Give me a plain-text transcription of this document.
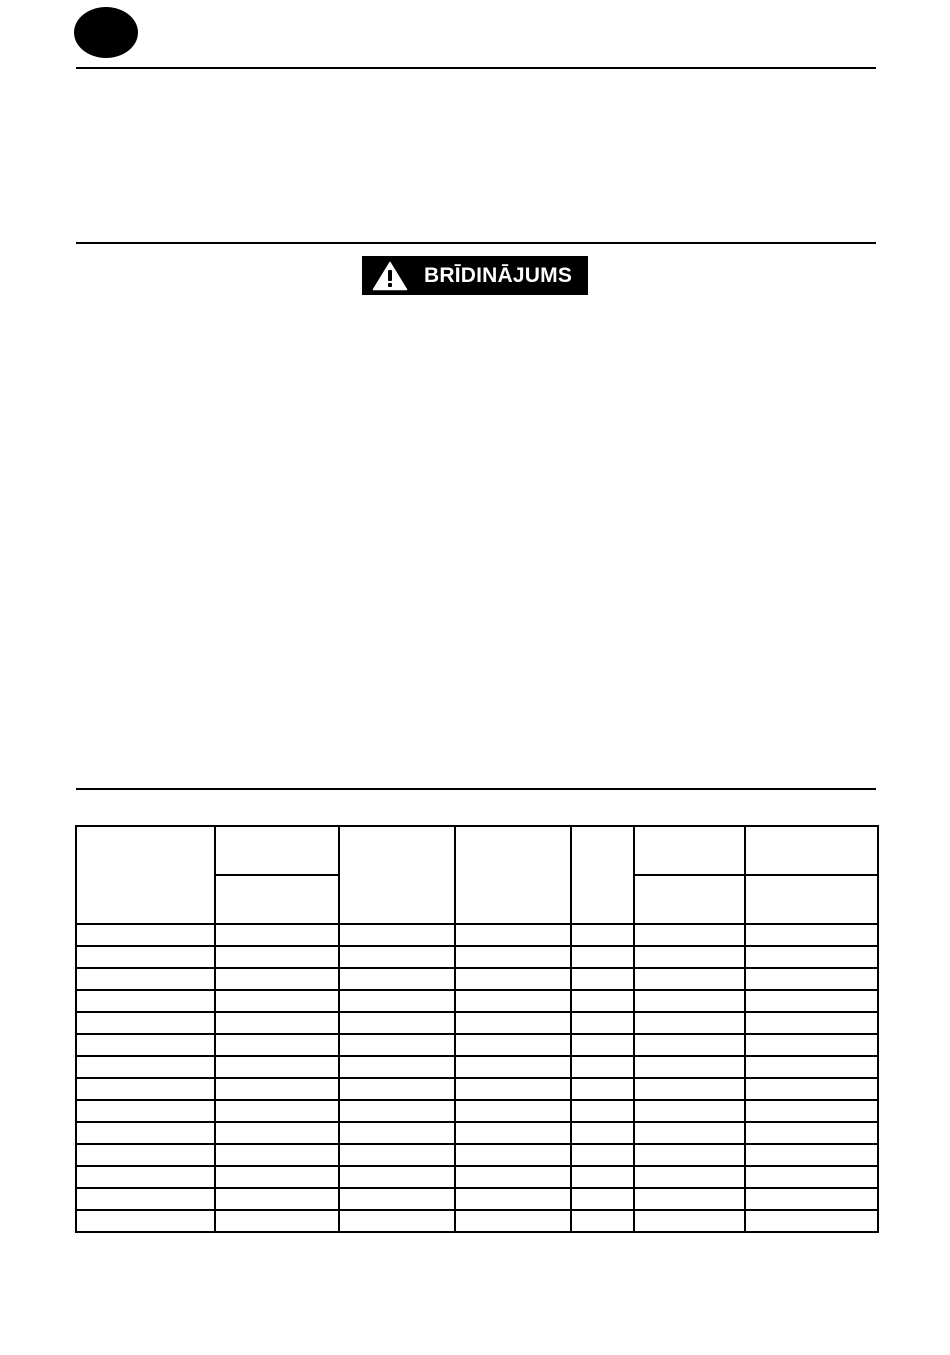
BRĪDINĀJUMS
